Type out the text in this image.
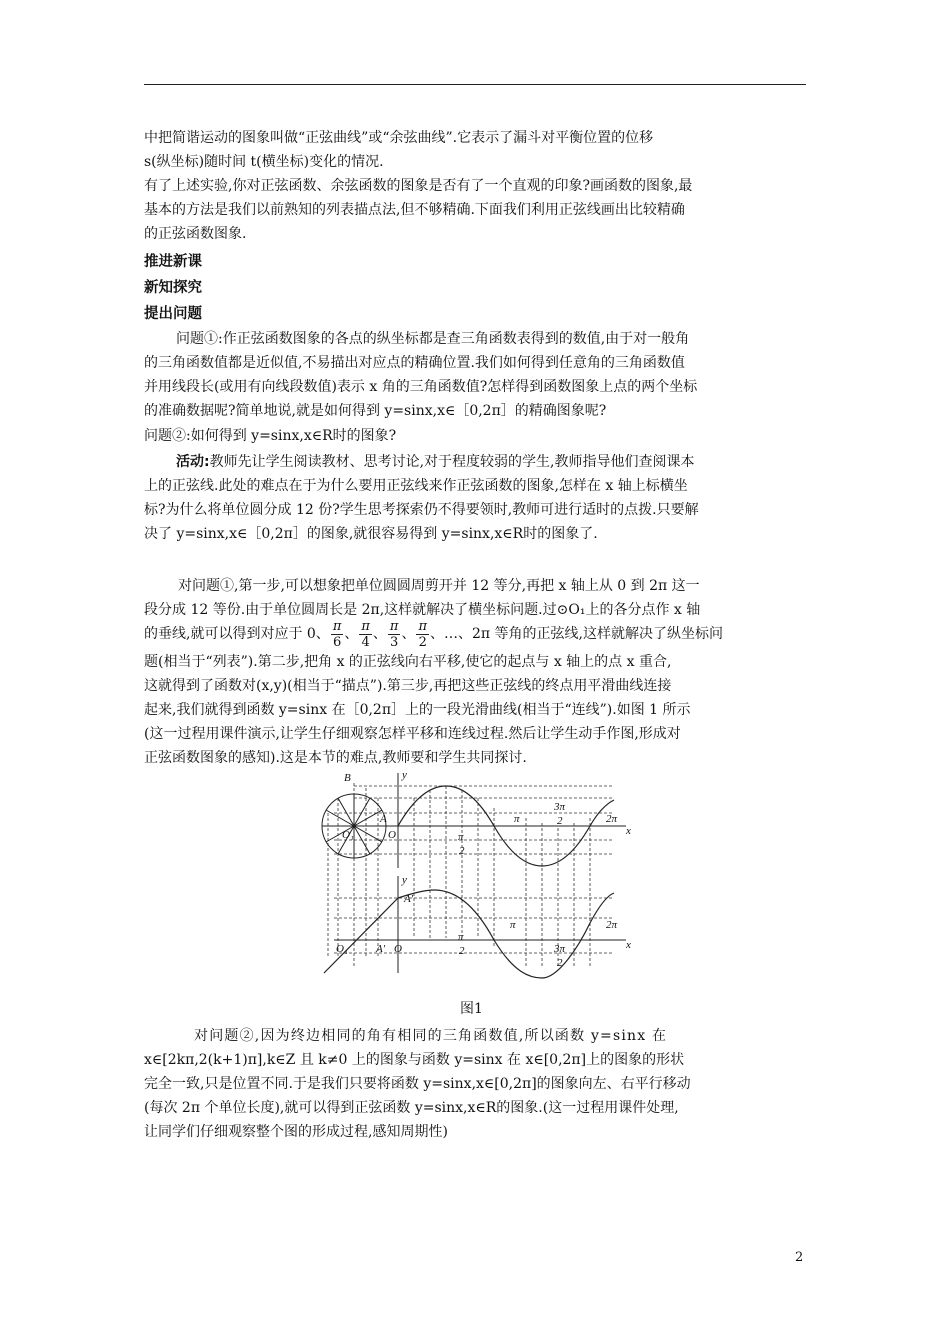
中把简谐运动的图象叫做“正弦曲线”或“余弦曲线”.它表示了漏斗对平衡位置的位移

s(纵坐标)随时间 t(横坐标)变化的情况.

有了上述实验,你对正弦函数、余弦函数的图象是否有了一个直观的印象?画函数的图象,最

基本的方法是我们以前熟知的列表描点法,但不够精确.下面我们利用正弦线画出比较精确

的正弦函数图象.

推进新课

新知探究

提出问题

问题①:作正弦函数图象的各点的纵坐标都是查三角函数表得到的数值,由于对一般角

的三角函数值都是近似值,不易描出对应点的精确位置.我们如何得到任意角的三角函数值

并用线段长(或用有向线段数值)表示 x 角的三角函数值?怎样得到函数图象上点的两个坐标

的准确数据呢?简单地说,就是如何得到 y=sinx,x∈［0,2π］的精确图象呢?

问题②:如何得到 y=sinx,x∈R时的图象?

活动:教师先让学生阅读教材、思考讨论,对于程度较弱的学生,教师指导他们查阅课本

上的正弦线.此处的难点在于为什么要用正弦线来作正弦函数的图象,怎样在 x 轴上标横坐

标?为什么将单位圆分成 12 份?学生思考探索仍不得要领时,教师可进行适时的点拨.只要解

决了 y=sinx,x∈［0,2π］的图象,就很容易得到 y=sinx,x∈R时的图象了.

对问题①,第一步,可以想象把单位圆圆周剪开并 12 等分,再把 x 轴上从 0 到 2π 这一

段分成 12 等份.由于单位圆周长是 2π,这样就解决了横坐标问题.过⊙O₁上的各分点作 x 轴

的垂线,就可以得到对应于 0、 $\frac{\pi}{6}$ 、 $\frac{\pi}{4}$ 、 $\frac{\pi}{3}$ 、 $\frac{\pi}{2}$ 、…、2π 等角的正弦线,这样就解决了纵坐标问

题(相当于“列表”).第二步,把角 x 的正弦线向右平移,使它的起点与 x 轴上的点 x 重合,

这就得到了函数对(x,y)(相当于“描点”).第三步,再把这些正弦线的终点用平滑曲线连接

起来,我们就得到函数 y=sinx 在［0,2π］上的一段光滑曲线(相当于“连线”).如图 1 所示

(这一过程用课件演示,让学生仔细观察怎样平移和连线过程.然后让学生动手作图,形成对

正弦函数图象的感知).这是本节的难点,教师要和学生共同探讨.

B
A
O₁	O
y
x
π
2
π
3π
2	2π
y
A'
O₁	A' O	x
π
2
π
3π
2
2π

图1

对问题②,因为终边相同的角有相同的三角函数值,所以函数 y=sinx 在

x∈[2kπ,2(k+1)π],k∈Z 且 k≠0 上的图象与函数 y=sinx 在 x∈[0,2π]上的图象的形状

完全一致,只是位置不同.于是我们只要将函数 y=sinx,x∈[0,2π]的图象向左、右平行移动

(每次 2π 个单位长度),就可以得到正弦函数 y=sinx,x∈R的图象.(这一过程用课件处理,

让同学们仔细观察整个图的形成过程,感知周期性)

2
